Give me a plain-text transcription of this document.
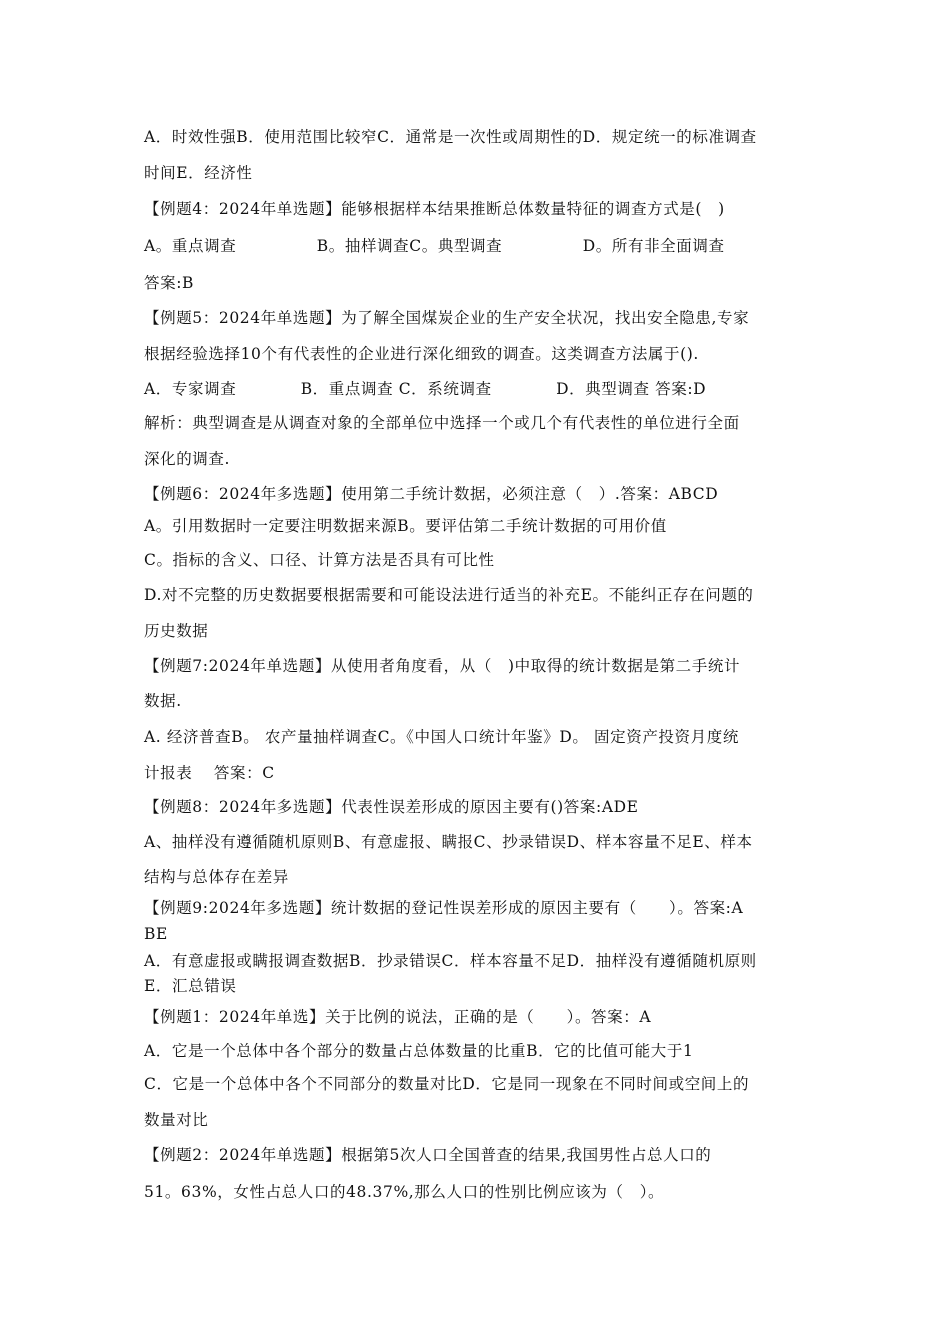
A．时效性强B．使用范围比较窄C．通常是一次性或周期性的D．规定统一的标准调查
时间E．经济性
【例题4：2024年单选题】能够根据样本结果推断总体数量特征的调查方式是(　)
A。重点调查　　　　　B。抽样调查C。典型调查　　　　　D。所有非全面调查
答案:B
【例题5：2024年单选题】为了解全国煤炭企业的生产安全状况，找出安全隐患,专家
根据经验选择10个有代表性的企业进行深化细致的调查。这类调查方法属于().
A．专家调查　　　　B．重点调查 C．系统调查　　　　D．典型调查 答案:D
解析：典型调查是从调查对象的全部单位中选择一个或几个有代表性的单位进行全面
深化的调查.
【例题6：2024年多选题】使用第二手统计数据，必须注意（　）.答案：ABCD
A。引用数据时一定要注明数据来源B。要评估第二手统计数据的可用价值
C。指标的含义、口径、计算方法是否具有可比性
D.对不完整的历史数据要根据需要和可能设法进行适当的补充E。不能纠正存在问题的
历史数据
【例题7:2024年单选题】从使用者角度看，从（　)中取得的统计数据是第二手统计
数据.
A. 经济普查B。 农产量抽样调查C。《中国人口统计年鉴》D。 固定资产投资月度统
计报表　 答案：C
【例题8：2024年多选题】代表性误差形成的原因主要有()答案:ADE
A、抽样没有遵循随机原则B、有意虚报、瞒报C、抄录错误D、样本容量不足E、样本
结构与总体存在差异
【例题9:2024年多选题】统计数据的登记性误差形成的原因主要有（　　）。答案:A
BE
A．有意虚报或瞒报调查数据B．抄录错误C．样本容量不足D．抽样没有遵循随机原则
E．汇总错误
【例题1：2024年单选】关于比例的说法，正确的是（　　）。答案：A
A．它是一个总体中各个部分的数量占总体数量的比重B．它的比值可能大于1
C．它是一个总体中各个不同部分的数量对比D．它是同一现象在不同时间或空间上的
数量对比
【例题2：2024年单选题】根据第5次人口全国普查的结果,我国男性占总人口的
51。63%，女性占总人口的48.37%,那么人口的性别比例应该为（　）。
